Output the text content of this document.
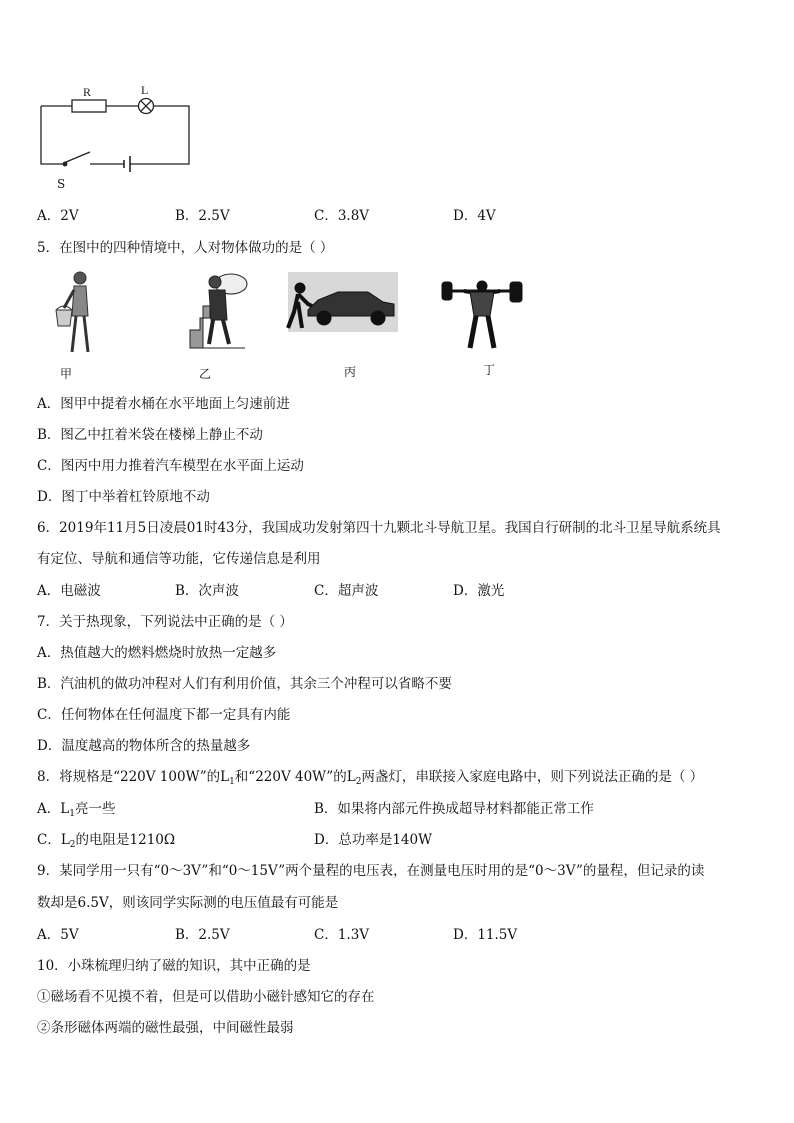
R	L
S
A．2V	B．2.5V	C．3.8V	D．4V
5．在图中的四种情境中，人对物体做功的是（ ）
甲	乙	丙	丁
A．图甲中提着水桶在水平地面上匀速前进
B．图乙中扛着米袋在楼梯上静止不动
C．图丙中用力推着汽车模型在水平面上运动
D．图丁中举着杠铃原地不动
6．2019年11月5日凌晨01时43分，我国成功发射第四十九颗北斗导航卫星。我国自行研制的北斗卫星导航系统具
有定位、导航和通信等功能，它传递信息是利用
A．电磁波	B．次声波	C．超声波	D．激光
7．关于热现象，下列说法中正确的是（ ）
A．热值越大的燃料燃烧时放热一定越多
B．汽油机的做功冲程对人们有利用价值，其余三个冲程可以省略不要
C．任何物体在任何温度下都一定具有内能
D．温度越高的物体所含的热量越多
8．将规格是“220V 100W”的$L_1$和“220V 40W”的$L_2$两盏灯，串联接入家庭电路中，则下列说法正确的是（ ）
A．$L_1$亮一些	B．如果将内部元件换成超导材料都能正常工作
C．$L_2$的电阻是1210Ω	D．总功率是140W
9．某同学用一只有“0～3V”和“0～15V”两个量程的电压表，在测量电压时用的是“0～3V”的量程，但记录的读
数却是6.5V，则该同学实际测的电压值最有可能是
A．5V	B．2.5V	C．1.3V	D．11.5V
10．小珠梳理归纳了磁的知识，其中正确的是
①磁场看不见摸不着，但是可以借助小磁针感知它的存在
②条形磁体两端的磁性最强，中间磁性最弱
